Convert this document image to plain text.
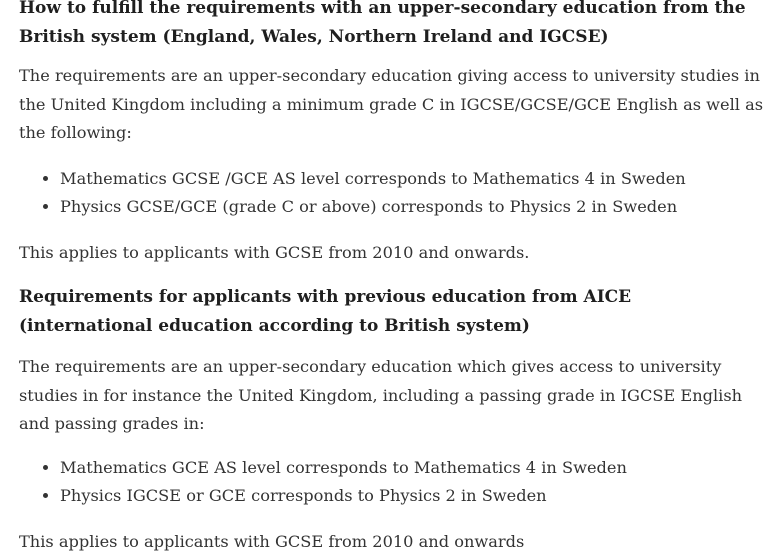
How to fulfill the requirements with an upper-secondary education from the British system (England, Wales, Northern Ireland and IGCSE)

The requirements are an upper-secondary education giving access to university studies in the United Kingdom including a minimum grade C in IGCSE/GCSE/GCE English as well as the following:

• Mathematics GCSE /GCE AS level corresponds to Mathematics 4 in Sweden
• Physics GCSE/GCE (grade C or above) corresponds to Physics 2 in Sweden

This applies to applicants with GCSE from 2010 and onwards.

Requirements for applicants with previous education from AICE (international education according to British system)

The requirements are an upper-secondary education which gives access to university studies in for instance the United Kingdom, including a passing grade in IGCSE English and passing grades in:

• Mathematics GCE AS level corresponds to Mathematics 4 in Sweden
• Physics IGCSE or GCE corresponds to Physics 2 in Sweden

This applies to applicants with GCSE from 2010 and onwards
